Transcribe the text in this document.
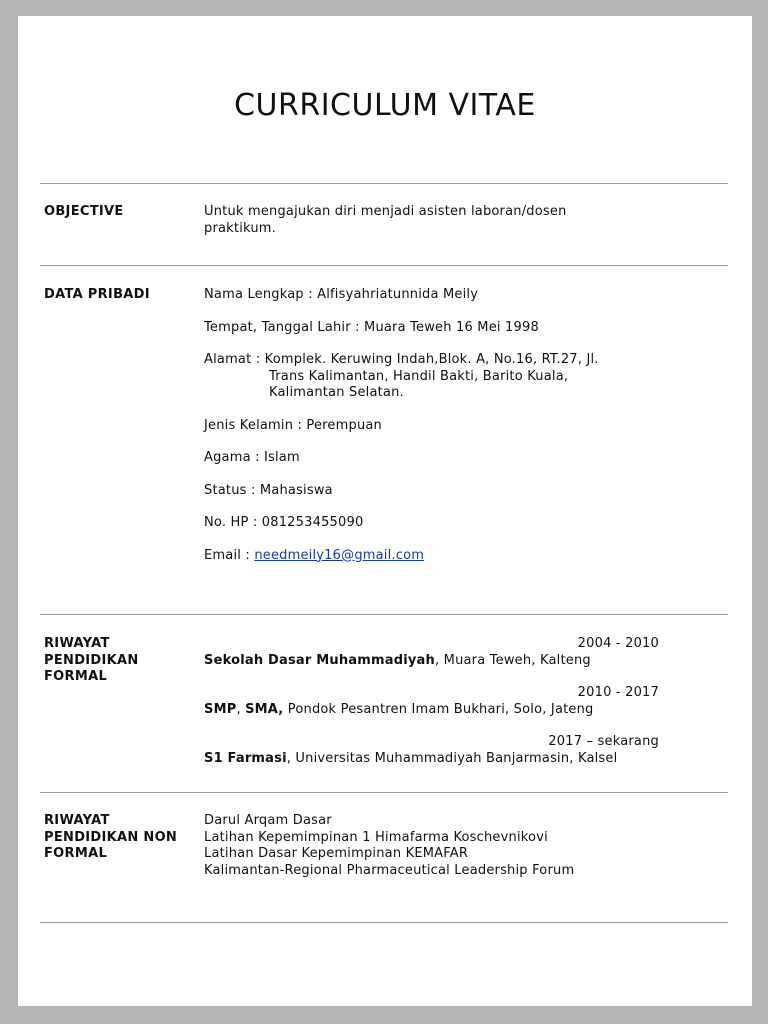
CURRICULUM VITAE

OBJECTIVE	Untuk mengajukan diri menjadi asisten laboran/dosen

praktikum.

DATA PRIBADI	Nama Lengkap : Alfisyahriatunnida Meily

Tempat, Tanggal Lahir : Muara Teweh 16 Mei 1998

Alamat : Komplek. Keruwing Indah,Blok. A, No.16, RT.27, Jl.

Trans Kalimantan, Handil Bakti, Barito Kuala,

Kalimantan Selatan.

Jenis Kelamin : Perempuan

Agama : Islam

Status : Mahasiswa

No. HP : 081253455090

Email : needmeily16@gmail.com

RIWAYAT
PENDIDIKAN
FORMAL

2004 - 2010

Sekolah Dasar Muhammadiyah, Muara Teweh, Kalteng

2010 - 2017

SMP, SMA, Pondok Pesantren Imam Bukhari, Solo, Jateng

2017 – sekarang

S1 Farmasi, Universitas Muhammadiyah Banjarmasin, Kalsel

RIWAYAT
PENDIDIKAN NON
FORMAL

Darul Arqam Dasar

Latihan Kepemimpinan 1 Himafarma Koschevnikovi

Latihan Dasar Kepemimpinan KEMAFAR

Kalimantan-Regional Pharmaceutical Leadership Forum
